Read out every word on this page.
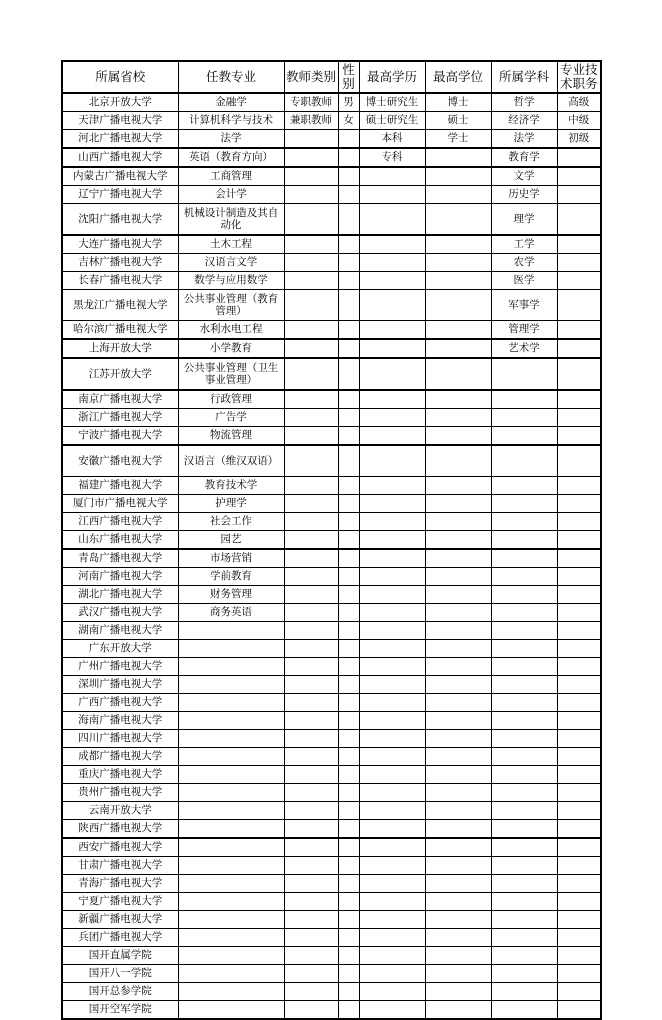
所属省校	任教专业	教师类别	性别	最高学历	最高学位	所属学科	专业技术职务
北京开放大学	金融学	专职教师	男	博士研究生	博士	哲学	高级
天津广播电视大学	计算机科学与技术	兼职教师	女	硕士研究生	硕士	经济学	中级
河北广播电视大学	法学			本科	学士	法学	初级
山西广播电视大学	英语（教育方向）			专科		教育学	
内蒙古广播电视大学	工商管理					文学	
辽宁广播电视大学	会计学					历史学	
沈阳广播电视大学	机械设计制造及其自动化					理学	
大连广播电视大学	土木工程					工学	
吉林广播电视大学	汉语言文学					农学	
长春广播电视大学	数学与应用数学					医学	
黑龙江广播电视大学	公共事业管理（教育管理）					军事学	
哈尔滨广播电视大学	水利水电工程					管理学	
上海开放大学	小学教育					艺术学	
江苏开放大学	公共事业管理（卫生事业管理）						
南京广播电视大学	行政管理						
浙江广播电视大学	广告学						
宁波广播电视大学	物流管理						
安徽广播电视大学	汉语言（维汉双语）						
福建广播电视大学	教育技术学						
厦门市广播电视大学	护理学						
江西广播电视大学	社会工作						
山东广播电视大学	园艺						
青岛广播电视大学	市场营销						
河南广播电视大学	学前教育						
湖北广播电视大学	财务管理						
武汉广播电视大学	商务英语						
湖南广播电视大学							
广东开放大学							
广州广播电视大学							
深圳广播电视大学							
广西广播电视大学							
海南广播电视大学							
四川广播电视大学							
成都广播电视大学							
重庆广播电视大学							
贵州广播电视大学							
云南开放大学							
陕西广播电视大学							
西安广播电视大学							
甘肃广播电视大学							
青海广播电视大学							
宁夏广播电视大学							
新疆广播电视大学							
兵团广播电视大学							
国开直属学院							
国开八一学院							
国开总参学院							
国开空军学院							
